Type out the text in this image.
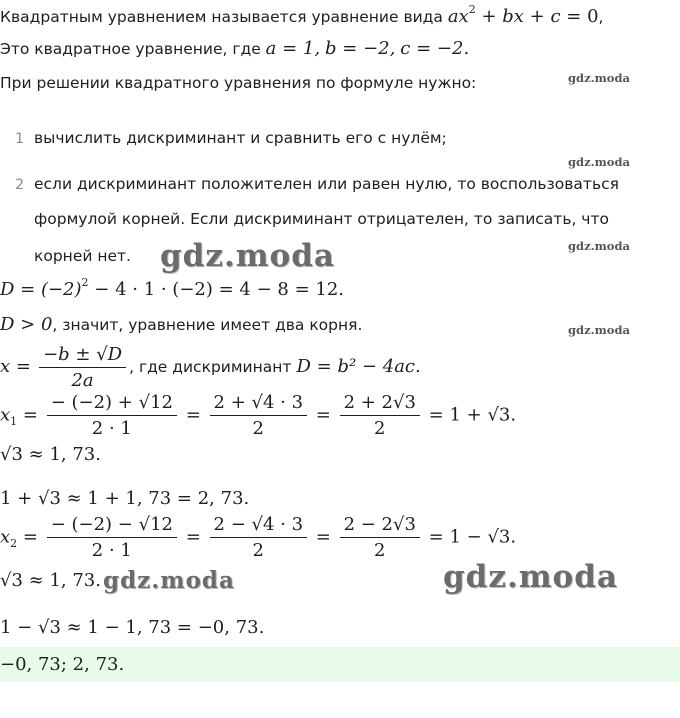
Квадратным уравнением называется уравнение вида $ax^2$ + bx + c = 0,
Это квадратное уравнение, где a = 1, b = −2, c = −2.
При решении квадратного уравнения по формуле нужно:
1 вычислить дискриминант и сравнить его с нулём;
2 если дискриминант положителен или равен нулю, то воспользоваться
формулой корней. Если дискриминант отрицателен, то записать, что
корней нет.
$D = (-2)^2 - 4 \cdot 1 \cdot (-2) = 4 - 8 = 12$.
D > 0, значит, уравнение имеет два корня.
$x = \frac{-b \pm √D}{2a}$ , где дискриминант D = b² − 4ac.
$x_1 = \frac{- (-2) + √12}{2 \cdot 1} = \frac{2 + √4 \cdot 3}{2} = \frac{2 + 2√3}{2} = 1 + √3$.
√3 ≈ 1, 73.
1 + √3 ≈ 1 + 1, 73 = 2, 73.
$x_2 = \frac{- (-2) - √12}{2 \cdot 1} = \frac{2 - √4 \cdot 3}{2} = \frac{2 - 2√3}{2} = 1 - √3$.
√3 ≈ 1, 73.
1 − √3 ≈ 1 − 1, 73 = −0, 73.
−0, 73; 2, 73.
gdz.moda
gdz.moda
gdz.moda
gdz.moda
gdz.moda
gdz.moda	gdz.moda
